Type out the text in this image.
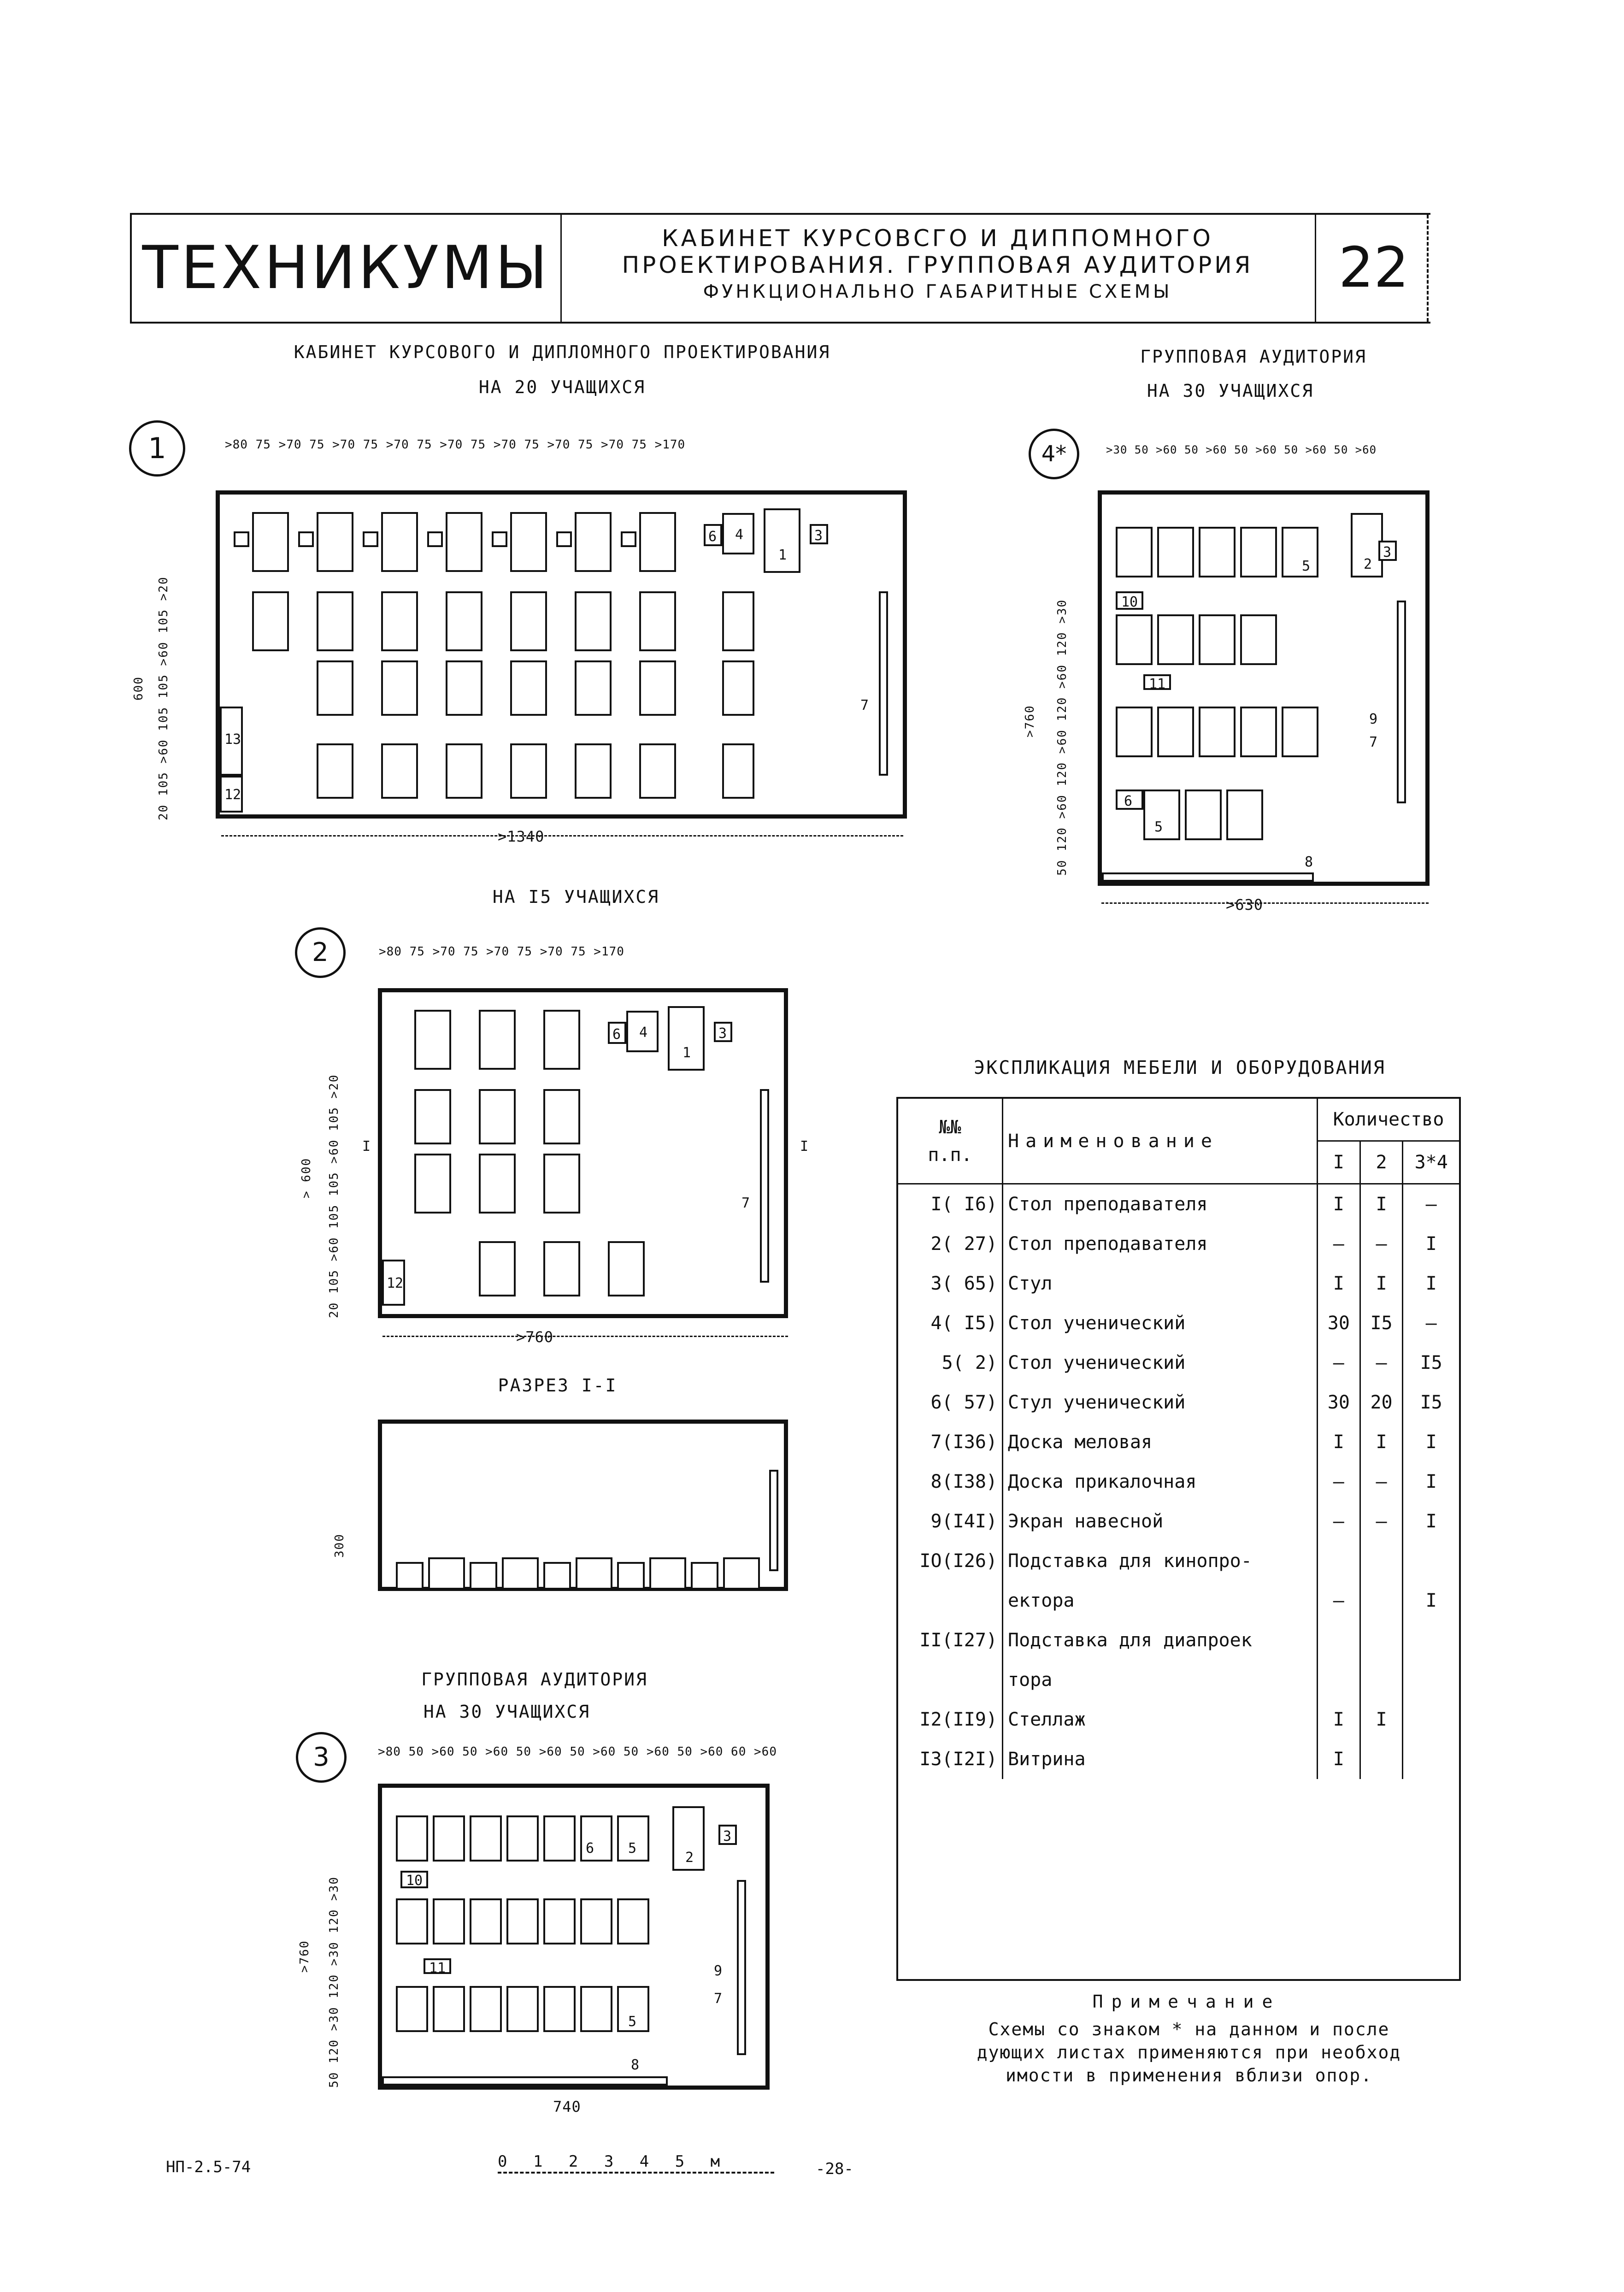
ТЕХНИКУМЫ	КАБИНЕТ КУРСОВСГО И ДИППОМНОГО
ПРОЕКТИРОВАНИЯ. ГРУППОВАЯ АУДИТОРИЯ
ФУНКЦИОНАЛЬНО ГАБАРИТНЫЕ СХЕМЫ	22
КАБИНЕТ КУРСОВОГО И ДИПЛОМНОГО ПРОЕКТИРОВАНИЯ
НА 20 УЧАЩИХСЯ
1	>80 75 >70 75 >70 75 >70 75 >70 75 >70 75 >70 75 >70 75 >170
20 105 >60 105 105 >60 105 >20
600
6 4
1
3
13
12
7
>1340
ГРУППОВАЯ АУДИТОРИЯ
НА 30 УЧАЩИХСЯ
4*	>30 50 >60 50 >60 50 >60 50 >60 50 >60
50 120 >60 120 >60 120 >60 120 >30
>760
5	2
3
10
11
9
7
6
5
8
>630
НА I5 УЧАЩИХСЯ
2	>80 75 >70 75 >70 75 >70 75 >170
20 105 >60 105 105 >60 105 >20
> 600
6 4
1
3
12
7
I	I
>760
РАЗРЕЗ I-I
300
ГРУППОВАЯ АУДИТОРИЯ
НА 30 УЧАЩИХСЯ
3	>80 50 >60 50 >60 50 >60 50 >60 50 >60 50 >60 60 >60
50 120 >30 120 >30 120 >30
>760
6 5
2
3
10
11
5
9
7
8
740
ЭКСПЛИКАЦИЯ МЕБЕЛИ И ОБОРУДОВАНИЯ
№№
п.п.	Наименование	Количество		
		I	2	3*4
I( I6)	Стол преподавателя	I	I	–
2( 27)	Стол преподавателя	–	–	I
3( 65)	Стул	I	I	I
4( I5)	Стол ученический	30	I5	–
5( 2)	Стол ученический	–	–	I5
6( 57)	Стул ученический	30	20	I5
7(I36)	Доска меловая	I	I	I
8(I38)	Доска прикалочная	–	–	I
9(I4I)	Экран навесной	–	–	I
IO(I26)	Подставка для кинопро-			
	ектора	–		I
II(I27)	Подставка для диапроек			
	тора			
I2(II9)	Стеллаж	I	I	
I3(I2I)	Витрина	I		
Примечание
Схемы со знаком * на данном и после
дующих листах применяются при необход
имости в применения вблизи опор.
НП-2.5-74	0 1 2 3 4 5 м	-28-
